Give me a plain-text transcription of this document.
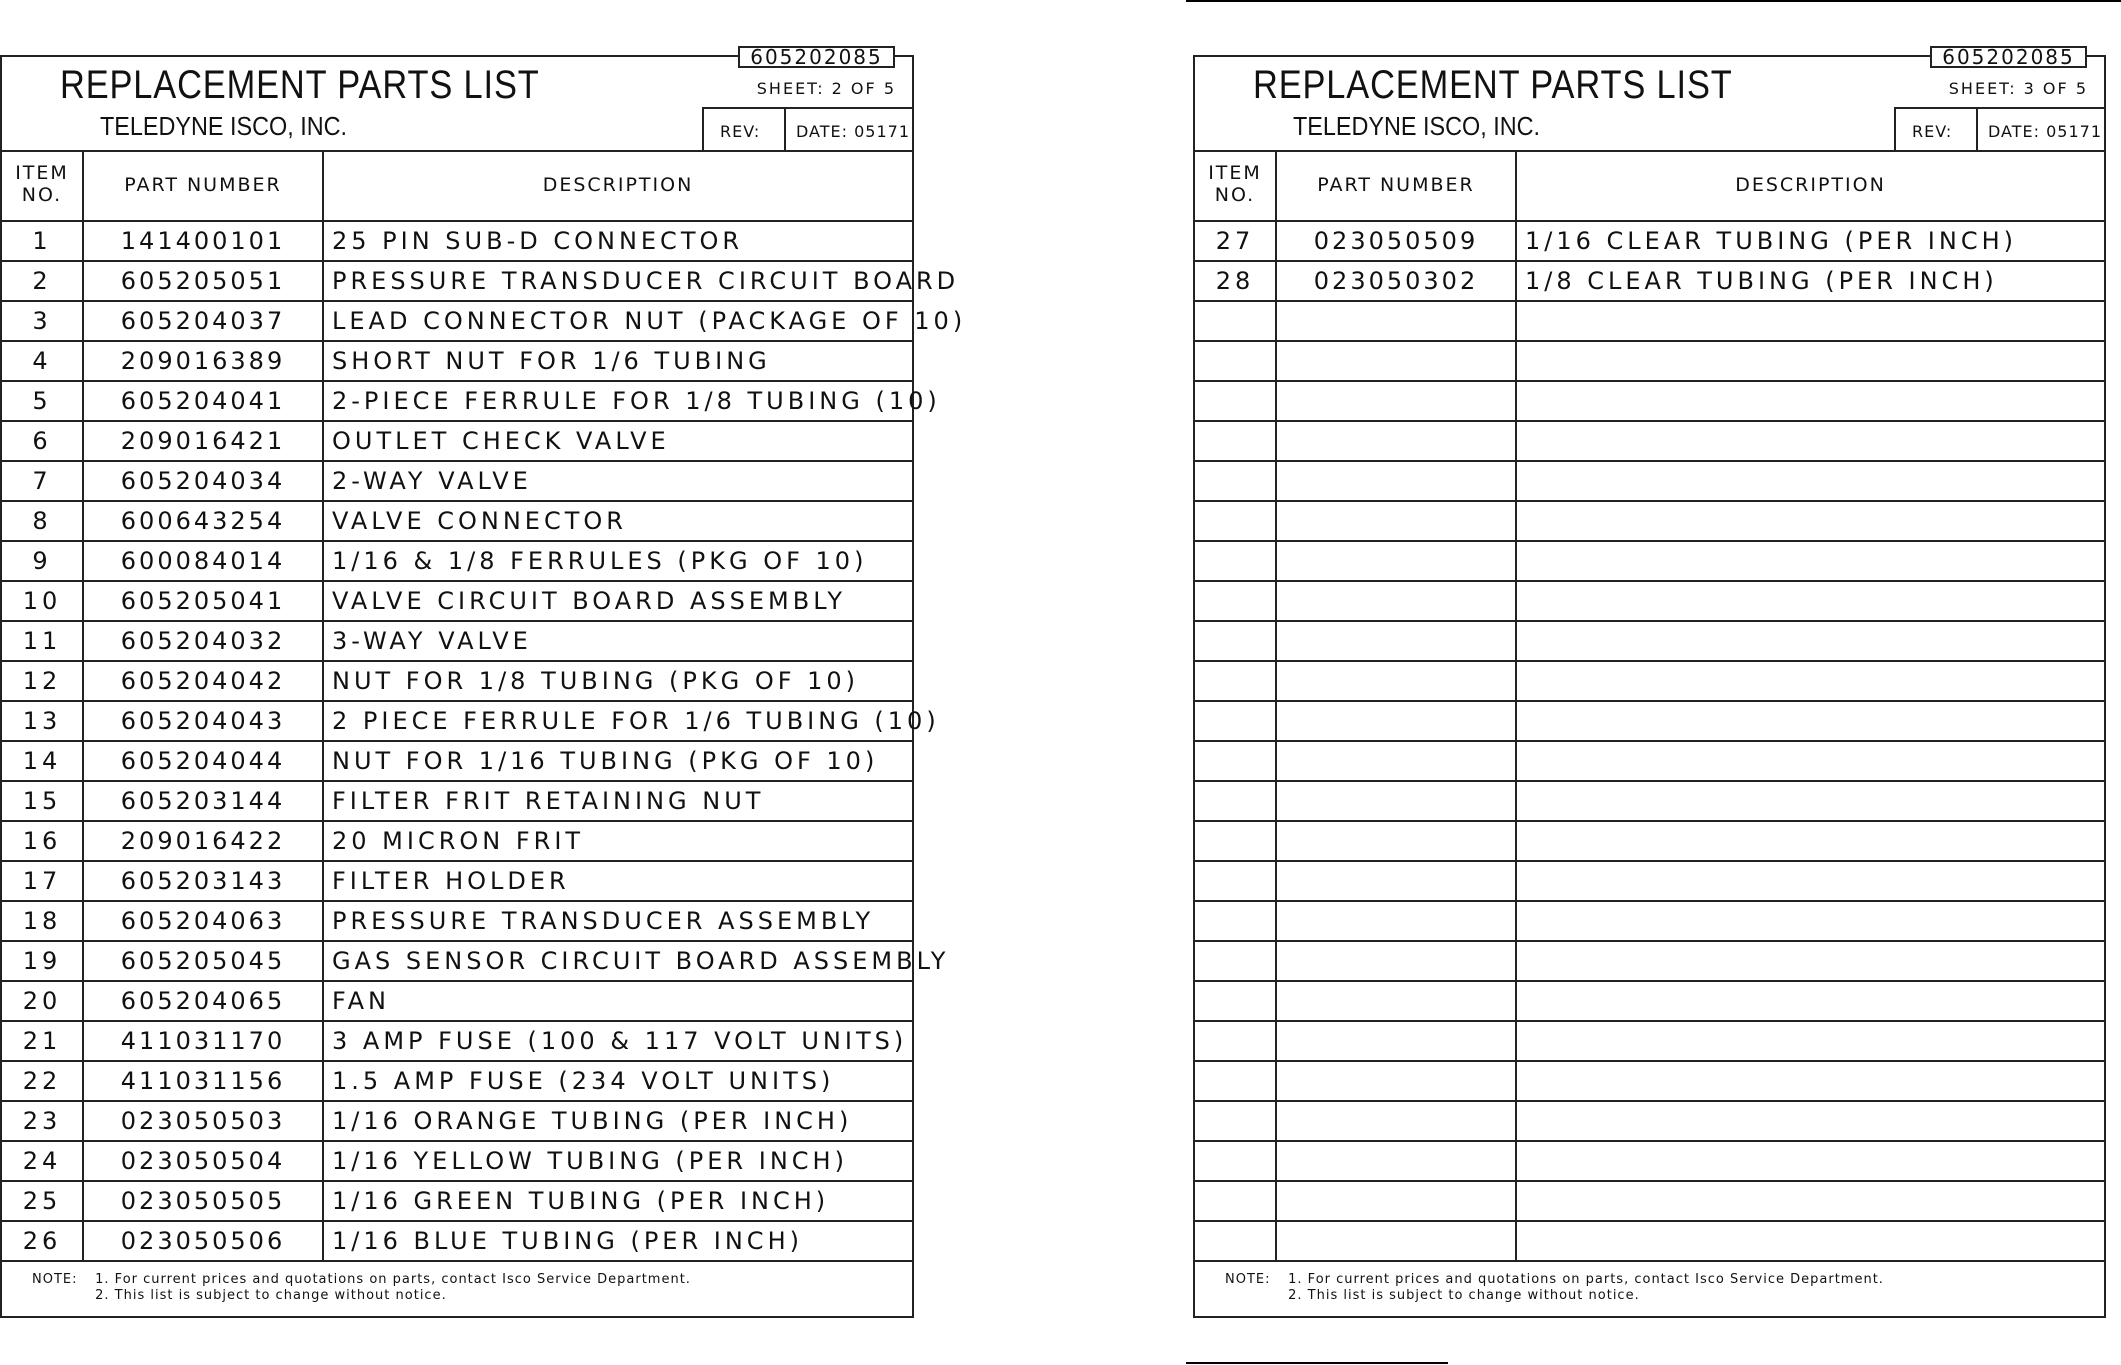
605202085
REPLACEMENT PARTS LIST
TELEDYNE ISCO, INC.
SHEET: 2 OF 5
REV: DATE: 05171
ITEM
NO.	PART NUMBER	DESCRIPTION
1	141400101	25 PIN SUB-D CONNECTOR
2	605205051	PRESSURE TRANSDUCER CIRCUIT BOARD
3	605204037	LEAD CONNECTOR NUT (PACKAGE OF 10)
4	209016389	SHORT NUT FOR 1/6 TUBING
5	605204041	2-PIECE FERRULE FOR 1/8 TUBING (10)
6	209016421	OUTLET CHECK VALVE
7	605204034	2-WAY VALVE
8	600643254	VALVE CONNECTOR
9	600084014	1/16 & 1/8 FERRULES (PKG OF 10)
10	605205041	VALVE CIRCUIT BOARD ASSEMBLY
11	605204032	3-WAY VALVE
12	605204042	NUT FOR 1/8 TUBING (PKG OF 10)
13	605204043	2 PIECE FERRULE FOR 1/6 TUBING (10)
14	605204044	NUT FOR 1/16 TUBING (PKG OF 10)
15	605203144	FILTER FRIT RETAINING NUT
16	209016422	20 MICRON FRIT
17	605203143	FILTER HOLDER
18	605204063	PRESSURE TRANSDUCER ASSEMBLY
19	605205045	GAS SENSOR CIRCUIT BOARD ASSEMBLY
20	605204065	FAN
21	411031170	3 AMP FUSE (100 & 117 VOLT UNITS)
22	411031156	1.5 AMP FUSE (234 VOLT UNITS)
23	023050503	1/16 ORANGE TUBING (PER INCH)
24	023050504	1/16 YELLOW TUBING (PER INCH)
25	023050505	1/16 GREEN TUBING (PER INCH)
26	023050506	1/16 BLUE TUBING (PER INCH)
NOTE: 1. For current prices and quotations on parts, contact Isco Service Department.
2. This list is subject to change without notice.
605202085
REPLACEMENT PARTS LIST
TELEDYNE ISCO, INC.
SHEET: 3 OF 5
REV: DATE: 05171
ITEM
NO.	PART NUMBER	DESCRIPTION
27	023050509	1/16 CLEAR TUBING (PER INCH)
28	023050302	1/8 CLEAR TUBING (PER INCH)
NOTE: 1. For current prices and quotations on parts, contact Isco Service Department.
2. This list is subject to change without notice.
